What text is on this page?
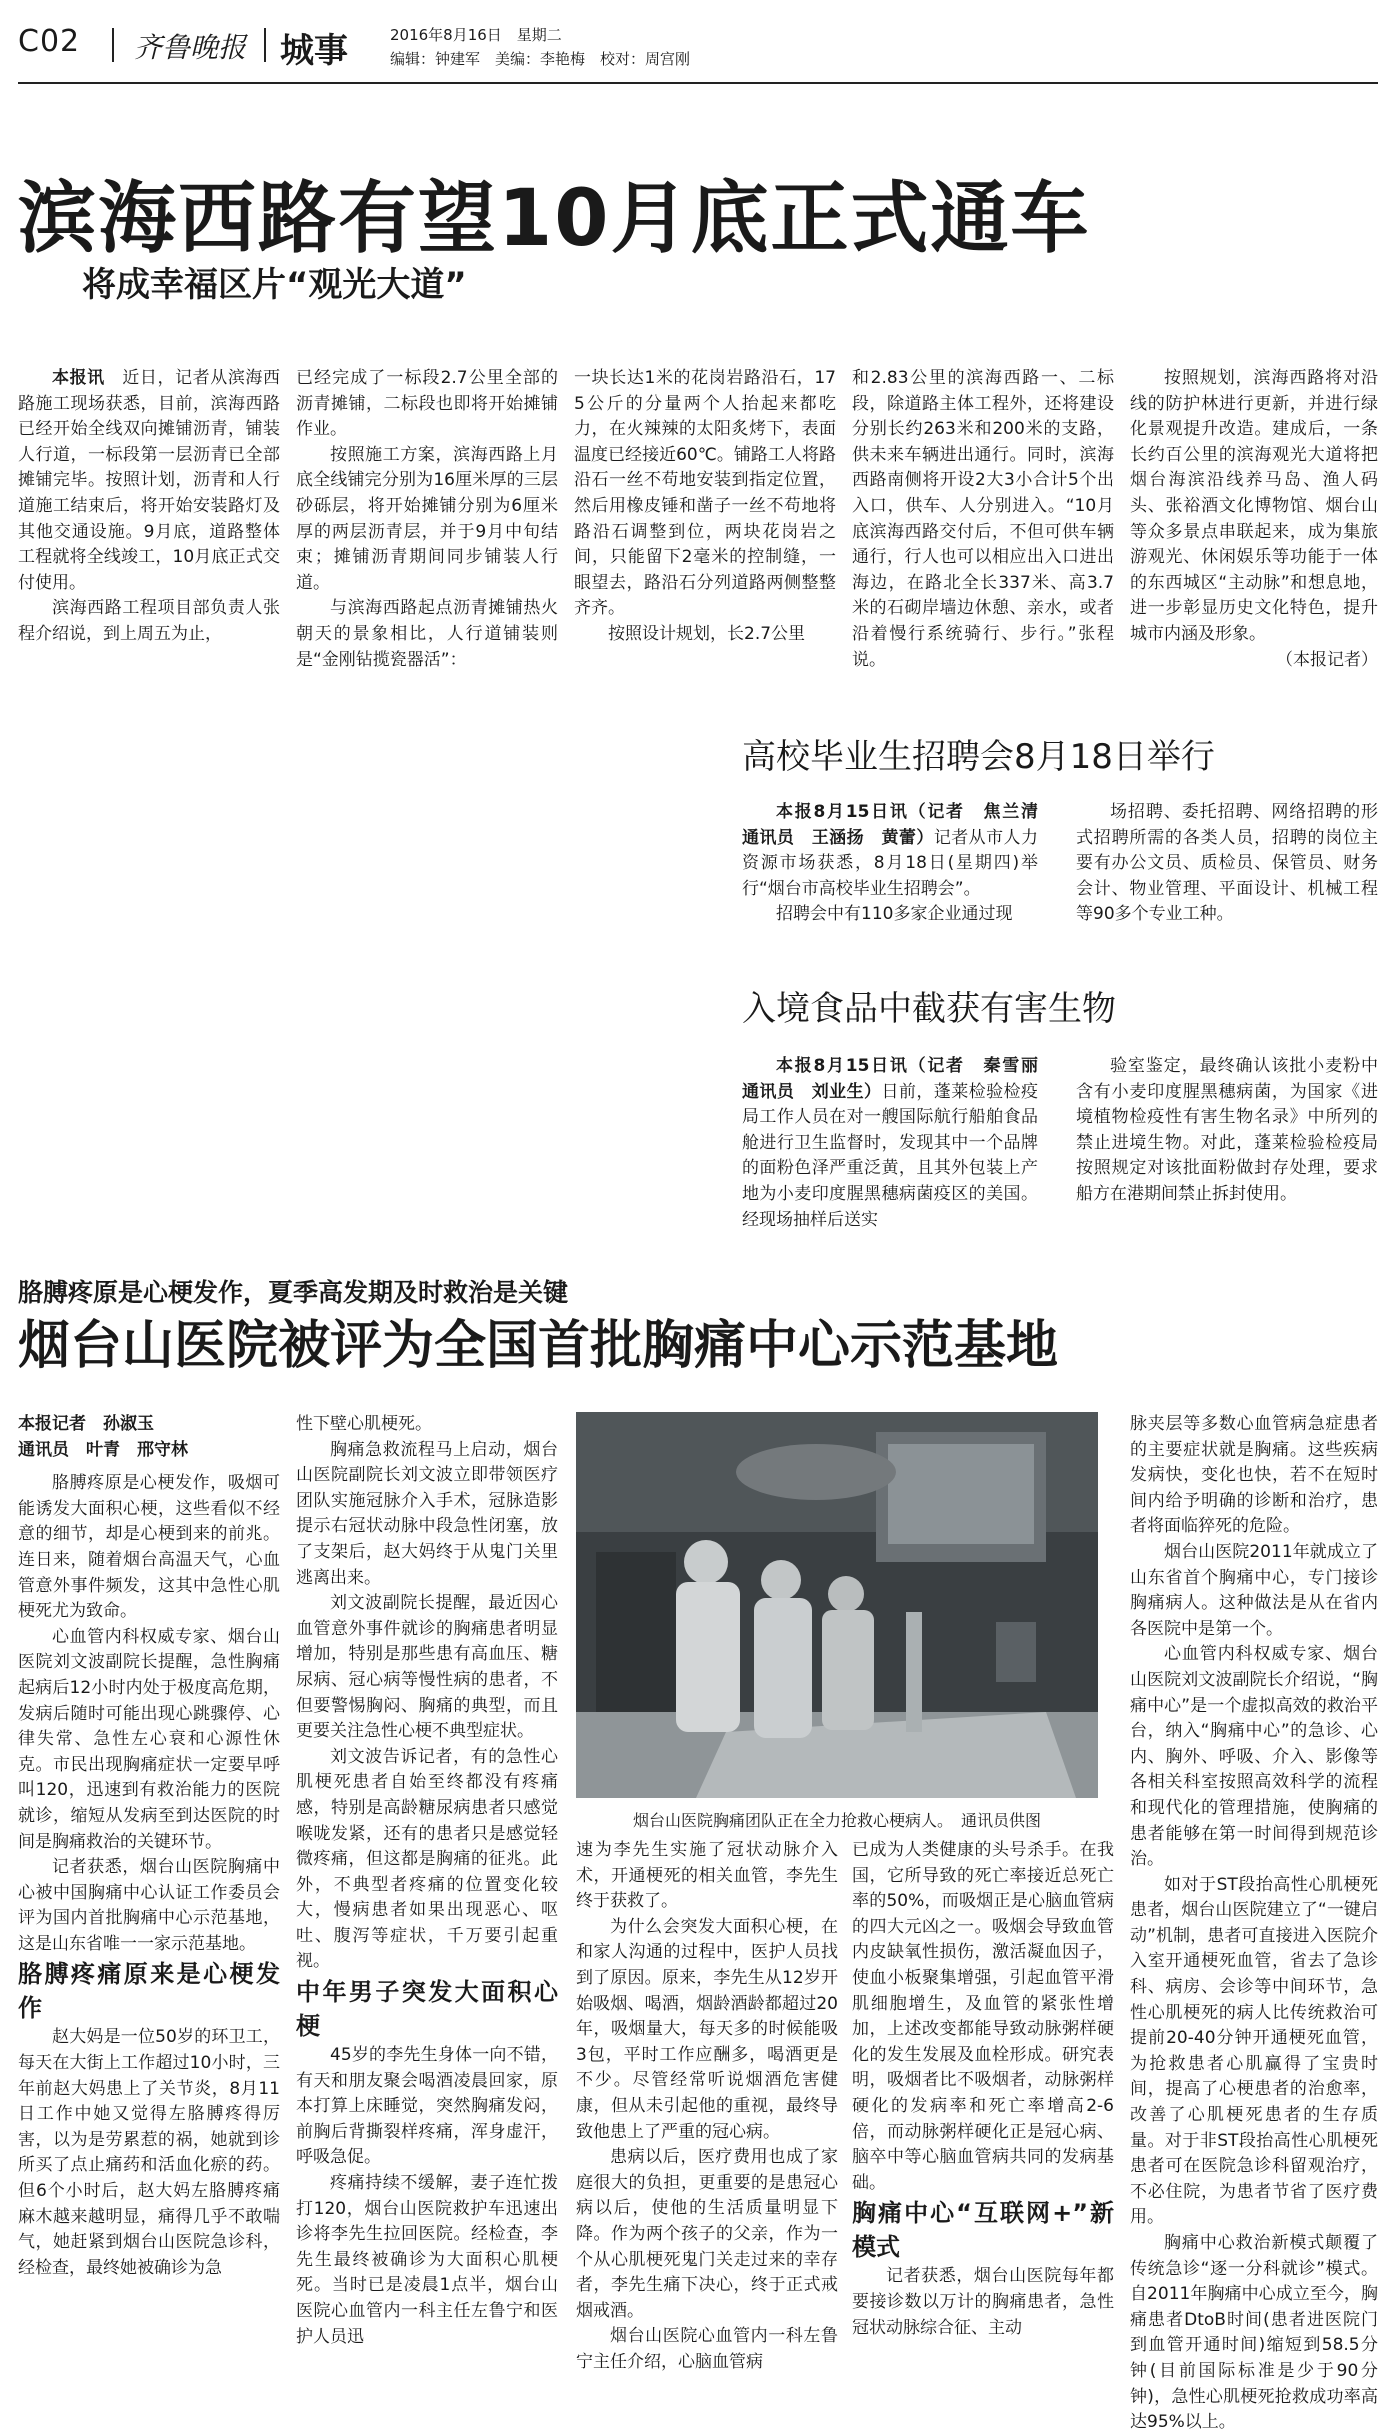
C02 齐鲁晚报 城事	2016年8月16日　星期二
编辑：钟建军　美编：李艳梅　校对：周宫刚
滨海西路有望10月底正式通车
将成幸福区片“观光大道”

本报讯　近日，记者从滨海西路施工现场获悉，目前，滨海西路已经开始全线双向摊铺沥青，铺装人行道，一标段第一层沥青已全部摊铺完毕。按照计划，沥青和人行道施工结束后，将开始安装路灯及其他交通设施。9月底，道路整体工程就将全线竣工，10月底正式交付使用。

滨海西路工程项目部负责人张程介绍说，到上周五为止，

已经完成了一标段2.7公里全部的沥青摊铺，二标段也即将开始摊铺作业。

按照施工方案，滨海西路上月底全线铺完分别为16厘米厚的三层砂砾层，将开始摊铺分别为6厘米厚的两层沥青层，并于9月中旬结束；摊铺沥青期间同步铺装人行道。

与滨海西路起点沥青摊铺热火朝天的景象相比，人行道铺装则是“金刚钻揽瓷器活”：

一块长达1米的花岗岩路沿石，175公斤的分量两个人抬起来都吃力，在火辣辣的太阳炙烤下，表面温度已经接近60℃。铺路工人将路沿石一丝不苟地安装到指定位置，然后用橡皮锤和凿子一丝不苟地将路沿石调整到位，两块花岗岩之间，只能留下2毫米的控制缝，一眼望去，路沿石分列道路两侧整整齐齐。

按照设计规划，长2.7公里

和2.83公里的滨海西路一、二标段，除道路主体工程外，还将建设分别长约263米和200米的支路，供未来车辆进出通行。同时，滨海西路南侧将开设2大3小合计5个出入口，供车、人分别进入。“10月底滨海西路交付后，不但可供车辆通行，行人也可以相应出入口进出海边，在路北全长337米、高3.7米的石砌岸墙边休憩、亲水，或者沿着慢行系统骑行、步行。”张程说。

按照规划，滨海西路将对沿线的防护林进行更新，并进行绿化景观提升改造。建成后，一条长约百公里的滨海观光大道将把烟台海滨沿线养马岛、渔人码头、张裕酒文化博物馆、烟台山等众多景点串联起来，成为集旅游观光、休闲娱乐等功能于一体的东西城区“主动脉”和想息地，进一步彰显历史文化特色，提升城市内涵及形象。

（本报记者）

高校毕业生招聘会8月18日举行

本报8月15日讯（记者　焦兰清　通讯员　王涵扬　黄蕾）记者从市人力资源市场获悉，8月18日(星期四)举行“烟台市高校毕业生招聘会”。

招聘会中有110多家企业通过现

场招聘、委托招聘、网络招聘的形式招聘所需的各类人员，招聘的岗位主要有办公文员、质检员、保管员、财务会计、物业管理、平面设计、机械工程等90多个专业工种。

入境食品中截获有害生物

本报8月15日讯（记者　秦雪丽　通讯员　刘业生）日前，蓬莱检验检疫局工作人员在对一艘国际航行船舶食品舱进行卫生监督时，发现其中一个品牌的面粉色泽严重泛黄，且其外包装上产地为小麦印度腥黑穗病菌疫区的美国。经现场抽样后送实

验室鉴定，最终确认该批小麦粉中含有小麦印度腥黑穗病菌，为国家《进境植物检疫性有害生物名录》中所列的禁止进境生物。对此，蓬莱检验检疫局按照规定对该批面粉做封存处理，要求船方在港期间禁止拆封使用。

胳膊疼原是心梗发作，夏季高发期及时救治是关键
烟台山医院被评为全国首批胸痛中心示范基地

本报记者　孙淑玉

通讯员　叶青　邢守林

胳膊疼原是心梗发作，吸烟可能诱发大面积心梗，这些看似不经意的细节，却是心梗到来的前兆。连日来，随着烟台高温天气，心血管意外事件频发，这其中急性心肌梗死尤为致命。

心血管内科权威专家、烟台山医院刘文波副院长提醒，急性胸痛起病后12小时内处于极度高危期，发病后随时可能出现心跳骤停、心律失常、急性左心衰和心源性休克。市民出现胸痛症状一定要早呼叫120，迅速到有救治能力的医院就诊，缩短从发病至到达医院的时间是胸痛救治的关键环节。

记者获悉，烟台山医院胸痛中心被中国胸痛中心认证工作委员会评为国内首批胸痛中心示范基地，这是山东省唯一一家示范基地。

胳膊疼痛原来是心梗发作

赵大妈是一位50岁的环卫工，每天在大街上工作超过10小时，三年前赵大妈患上了关节炎，8月11日工作中她又觉得左胳膊疼得厉害，以为是劳累惹的祸，她就到诊所买了点止痛药和活血化瘀的药。但6个小时后，赵大妈左胳膊疼痛麻木越来越明显，痛得几乎不敢喘气，她赶紧到烟台山医院急诊科，经检查，最终她被确诊为急

性下壁心肌梗死。

胸痛急救流程马上启动，烟台山医院副院长刘文波立即带领医疗团队实施冠脉介入手术，冠脉造影提示右冠状动脉中段急性闭塞，放了支架后，赵大妈终于从鬼门关里逃离出来。

刘文波副院长提醒，最近因心血管意外事件就诊的胸痛患者明显增加，特别是那些患有高血压、糖尿病、冠心病等慢性病的患者，不但要警惕胸闷、胸痛的典型，而且更要关注急性心梗不典型症状。

刘文波告诉记者，有的急性心肌梗死患者自始至终都没有疼痛感，特别是高龄糖尿病患者只感觉喉咙发紧，还有的患者只是感觉轻微疼痛，但这都是胸痛的征兆。此外，不典型者疼痛的位置变化较大，慢病患者如果出现恶心、呕吐、腹泻等症状，千万要引起重视。

中年男子突发大面积心梗

45岁的李先生身体一向不错，有天和朋友聚会喝酒凌晨回家，原本打算上床睡觉，突然胸痛发闷，前胸后背撕裂样疼痛，浑身虚汗，呼吸急促。

疼痛持续不缓解，妻子连忙拨打120，烟台山医院救护车迅速出诊将李先生拉回医院。经检查，李先生最终被确诊为大面积心肌梗死。当时已是凌晨1点半，烟台山医院心血管内一科主任左鲁宁和医护人员迅

烟台山医院胸痛团队正在全力抢救心梗病人。　通讯员供图

速为李先生实施了冠状动脉介入术，开通梗死的相关血管，李先生终于获救了。

为什么会突发大面积心梗，在和家人沟通的过程中，医护人员找到了原因。原来，李先生从12岁开始吸烟、喝酒，烟龄酒龄都超过20年，吸烟量大，每天多的时候能吸3包，平时工作应酬多，喝酒更是不少。尽管经常听说烟酒危害健康，但从未引起他的重视，最终导致他患上了严重的冠心病。

患病以后，医疗费用也成了家庭很大的负担，更重要的是患冠心病以后，使他的生活质量明显下降。作为两个孩子的父亲，作为一个从心肌梗死鬼门关走过来的幸存者，李先生痛下决心，终于正式戒烟戒酒。

烟台山医院心血管内一科左鲁宁主任介绍，心脑血管病

已成为人类健康的头号杀手。在我国，它所导致的死亡率接近总死亡率的50%，而吸烟正是心脑血管病的四大元凶之一。吸烟会导致血管内皮缺氧性损伤，激活凝血因子，使血小板聚集增强，引起血管平滑肌细胞增生，及血管的紧张性增加，上述改变都能导致动脉粥样硬化的发生发展及血栓形成。研究表明，吸烟者比不吸烟者，动脉粥样硬化的发病率和死亡率增高2-6倍，而动脉粥样硬化正是冠心病、脑卒中等心脑血管病共同的发病基础。

胸痛中心“互联网+”新模式

记者获悉，烟台山医院每年都要接诊数以万计的胸痛患者，急性冠状动脉综合征、主动

脉夹层等多数心血管病急症患者的主要症状就是胸痛。这些疾病发病快，变化也快，若不在短时间内给予明确的诊断和治疗，患者将面临猝死的危险。

烟台山医院2011年就成立了山东省首个胸痛中心，专门接诊胸痛病人。这种做法是从在省内各医院中是第一个。

心血管内科权威专家、烟台山医院刘文波副院长介绍说，“胸痛中心”是一个虚拟高效的救治平台，纳入“胸痛中心”的急诊、心内、胸外、呼吸、介入、影像等各相关科室按照高效科学的流程和现代化的管理措施，使胸痛的患者能够在第一时间得到规范诊治。

如对于ST段抬高性心肌梗死患者，烟台山医院建立了“一键启动”机制，患者可直接进入医院介入室开通梗死血管，省去了急诊科、病房、会诊等中间环节，急性心肌梗死的病人比传统救治可提前20-40分钟开通梗死血管，为抢救患者心肌赢得了宝贵时间，提高了心梗患者的治愈率，改善了心肌梗死患者的生存质量。对于非ST段抬高性心肌梗死患者可在医院急诊科留观治疗，不必住院，为患者节省了医疗费用。

胸痛中心救治新模式颠覆了传统急诊“逐一分科就诊”模式。自2011年胸痛中心成立至今，胸痛患者DtoB时间(患者进医院门到血管开通时间)缩短到58.5分钟(目前国际标准是少于90分钟)，急性心肌梗死抢救成功率高达95%以上。
